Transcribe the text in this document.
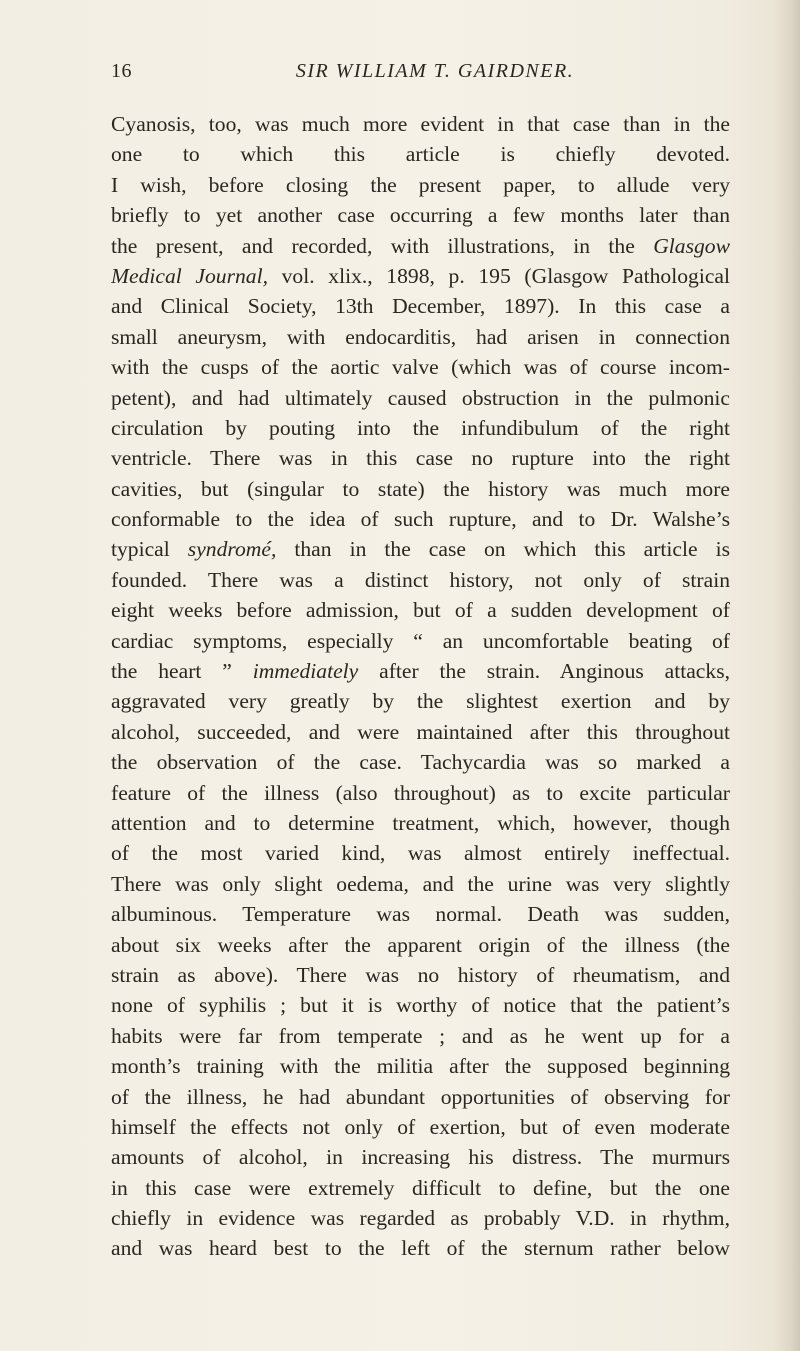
16	SIR WILLIAM T. GAIRDNER.
Cyanosis, too, was much more evident in that case than in the
one to which this article is chiefly devoted.
I wish, before closing the present paper, to allude very
briefly to yet another case occurring a few months later than
the present, and recorded, with illustrations, in the Glasgow
Medical Journal, vol. xlix., 1898, p. 195 (Glasgow Pathological
and Clinical Society, 13th December, 1897). In this case a
small aneurysm, with endocarditis, had arisen in connection
with the cusps of the aortic valve (which was of course incom-
petent), and had ultimately caused obstruction in the pulmonic
circulation by pouting into the infundibulum of the right
ventricle. There was in this case no rupture into the right
cavities, but (singular to state) the history was much more
conformable to the idea of such rupture, and to Dr. Walshe’s
typical syndromé, than in the case on which this article is
founded. There was a distinct history, not only of strain
eight weeks before admission, but of a sudden development of
cardiac symptoms, especially “ an uncomfortable beating of
the heart ” immediately after the strain. Anginous attacks,
aggravated very greatly by the slightest exertion and by
alcohol, succeeded, and were maintained after this throughout
the observation of the case. Tachycardia was so marked a
feature of the illness (also throughout) as to excite particular
attention and to determine treatment, which, however, though
of the most varied kind, was almost entirely ineffectual.
There was only slight oedema, and the urine was very slightly
albuminous. Temperature was normal. Death was sudden,
about six weeks after the apparent origin of the illness (the
strain as above). There was no history of rheumatism, and
none of syphilis ; but it is worthy of notice that the patient’s
habits were far from temperate ; and as he went up for a
month’s training with the militia after the supposed beginning
of the illness, he had abundant opportunities of observing for
himself the effects not only of exertion, but of even moderate
amounts of alcohol, in increasing his distress. The murmurs
in this case were extremely difficult to define, but the one
chiefly in evidence was regarded as probably V.D. in rhythm,
and was heard best to the left of the sternum rather below
